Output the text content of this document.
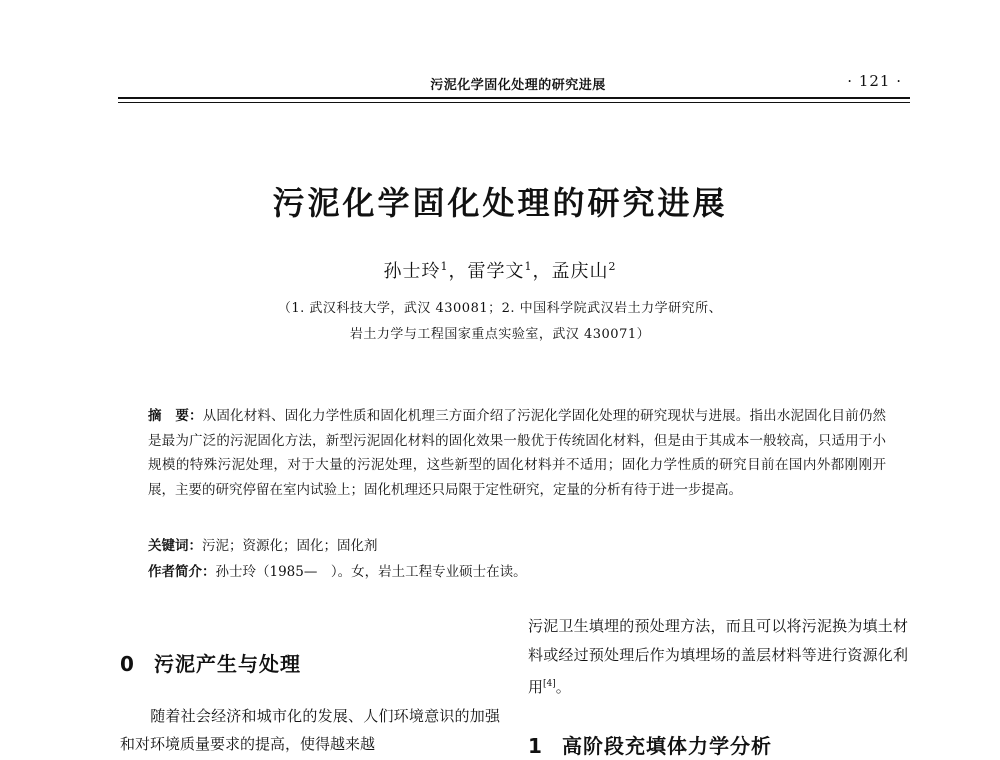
污泥化学固化处理的研究进展	· 121 ·
污泥化学固化处理的研究进展
孙士玲$^1$，雷学文$^1$，孟庆山$^2$
（1. 武汉科技大学，武汉 430081；2. 中国科学院武汉岩土力学研究所、
岩土力学与工程国家重点实验室，武汉 430071）
摘　要：从固化材料、固化力学性质和固化机理三方面介绍了污泥化学固化处理的研究现状与进展。指出水泥固化目前仍然是最为广泛的污泥固化方法，新型污泥固化材料的固化效果一般优于传统固化材料，但是由于其成本一般较高，只适用于小规模的特殊污泥处理，对于大量的污泥处理，这些新型的固化材料并不适用；固化力学性质的研究目前在国内外都刚刚开展，主要的研究停留在室内试验上；固化机理还只局限于定性研究，定量的分析有待于进一步提高。
关键词：污泥；资源化；固化；固化剂
作者简介：孙士玲（1985—　）。女，岩土工程专业硕士在读。
0 污泥产生与处理
随着社会经济和城市化的发展、人们环境意识的加强和对环境质量要求的提高，使得越来越
污泥卫生填埋的预处理方法，而且可以将污泥换为填土材料或经过预处理后作为填埋场的盖层材料等进行资源化利用[4]。
1 高阶段充填体力学分析
